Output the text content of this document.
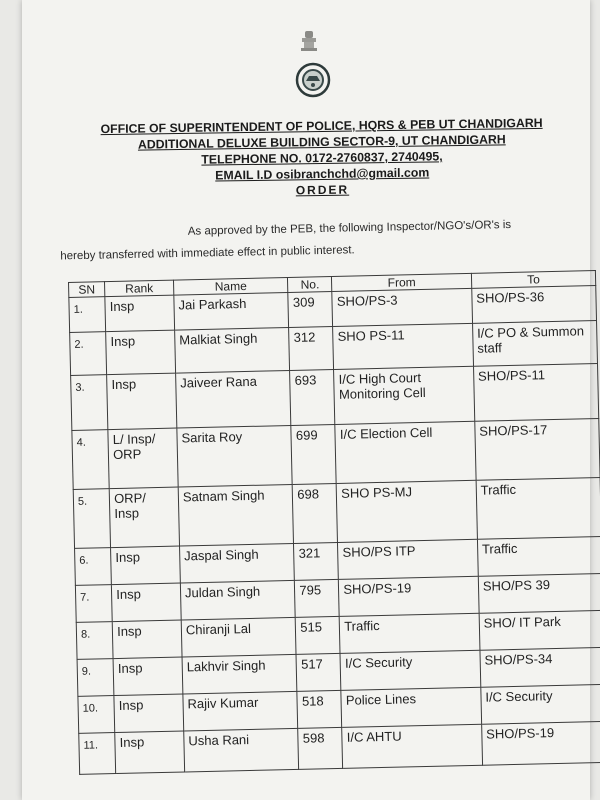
OFFICE OF SUPERINTENDENT OF POLICE, HQRS & PEB UT CHANDIGARH
ADDITIONAL DELUXE BUILDING SECTOR-9, UT CHANDIGARH
TELEPHONE NO. 0172-2760837, 2740495,
EMAIL I.D osibranchchd@gmail.com
ORDER
As approved by the PEB, the following Inspector/NGO's/OR's is
hereby transferred with immediate effect in public interest.
SN	Rank	Name	No.	From	To
1.	Insp	Jai Parkash	309	SHO/PS-3	SHO/PS-36
2.	Insp	Malkiat Singh	312	SHO PS-11	I/C PO & Summon staff
3.	Insp	Jaiveer Rana	693	I/C High Court Monitoring Cell	SHO/PS-11
4.	L/ Insp/ ORP	Sarita Roy	699	I/C Election Cell	SHO/PS-17
5.	ORP/ Insp	Satnam Singh	698	SHO PS-MJ	Traffic
6.	Insp	Jaspal Singh	321	SHO/PS ITP	Traffic
7.	Insp	Juldan Singh	795	SHO/PS-19	SHO/PS 39
8.	Insp	Chiranji Lal	515	Traffic	SHO/ IT Park
9.	Insp	Lakhvir Singh	517	I/C Security	SHO/PS-34
10.	Insp	Rajiv Kumar	518	Police Lines	I/C Security
11.	Insp	Usha Rani	598	I/C AHTU	SHO/PS-19
